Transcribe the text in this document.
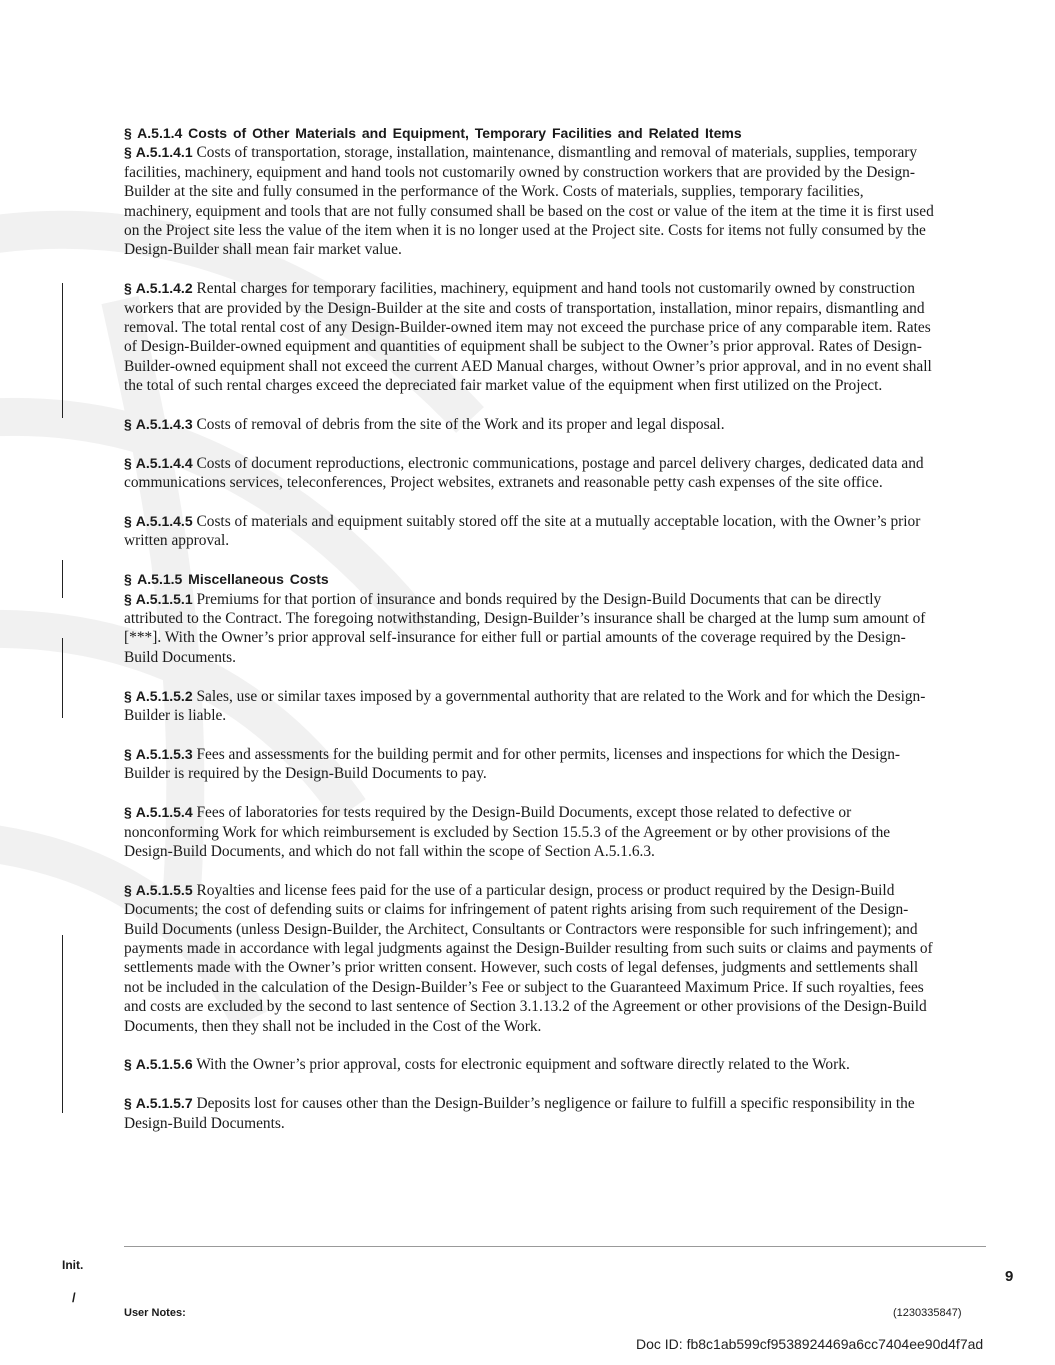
§ A.5.1.4 Costs of Other Materials and Equipment, Temporary Facilities and Related Items

§ A.5.1.4.1 Costs of transportation, storage, installation, maintenance, dismantling and removal of materials, supplies, temporary facilities, machinery, equipment and hand tools not customarily owned by construction workers that are provided by the Design-Builder at the site and fully consumed in the performance of the Work. Costs of materials, supplies, temporary facilities, machinery, equipment and tools that are not fully consumed shall be based on the cost or value of the item at the time it is first used on the Project site less the value of the item when it is no longer used at the Project site. Costs for items not fully consumed by the Design-Builder shall mean fair market value.

§ A.5.1.4.2 Rental charges for temporary facilities, machinery, equipment and hand tools not customarily owned by construction workers that are provided by the Design-Builder at the site and costs of transportation, installation, minor repairs, dismantling and removal. The total rental cost of any Design-Builder-owned item may not exceed the purchase price of any comparable item. Rates of Design-Builder-owned equipment and quantities of equipment shall be subject to the Owner’s prior approval. Rates of Design-Builder-owned equipment shall not exceed the current AED Manual charges, without Owner’s prior approval, and in no event shall the total of such rental charges exceed the depreciated fair market value of the equipment when first utilized on the Project.

§ A.5.1.4.3 Costs of removal of debris from the site of the Work and its proper and legal disposal.

§ A.5.1.4.4 Costs of document reproductions, electronic communications, postage and parcel delivery charges, dedicated data and communications services, teleconferences, Project websites, extranets and reasonable petty cash expenses of the site office.

§ A.5.1.4.5 Costs of materials and equipment suitably stored off the site at a mutually acceptable location, with the Owner’s prior written approval.

§ A.5.1.5 Miscellaneous Costs

§ A.5.1.5.1 Premiums for that portion of insurance and bonds required by the Design-Build Documents that can be directly attributed to the Contract. The foregoing notwithstanding, Design-Builder’s insurance shall be charged at the lump sum amount of [***]. With the Owner’s prior approval self-insurance for either full or partial amounts of the coverage required by the Design-Build Documents.

§ A.5.1.5.2 Sales, use or similar taxes imposed by a governmental authority that are related to the Work and for which the Design-Builder is liable.

§ A.5.1.5.3 Fees and assessments for the building permit and for other permits, licenses and inspections for which the Design-Builder is required by the Design-Build Documents to pay.

§ A.5.1.5.4 Fees of laboratories for tests required by the Design-Build Documents, except those related to defective or nonconforming Work for which reimbursement is excluded by Section 15.5.3 of the Agreement or by other provisions of the Design-Build Documents, and which do not fall within the scope of Section A.5.1.6.3.

§ A.5.1.5.5 Royalties and license fees paid for the use of a particular design, process or product required by the Design-Build Documents; the cost of defending suits or claims for infringement of patent rights arising from such requirement of the Design-Build Documents (unless Design-Builder, the Architect, Consultants or Contractors were responsible for such infringement); and payments made in accordance with legal judgments against the Design-Builder resulting from such suits or claims and payments of settlements made with the Owner’s prior written consent. However, such costs of legal defenses, judgments and settlements shall not be included in the calculation of the Design-Builder’s Fee or subject to the Guaranteed Maximum Price. If such royalties, fees and costs are excluded by the second to last sentence of Section 3.1.13.2 of the Agreement or other provisions of the Design-Build Documents, then they shall not be included in the Cost of the Work.

§ A.5.1.5.6 With the Owner’s prior approval, costs for electronic equipment and software directly related to the Work.

§ A.5.1.5.7 Deposits lost for causes other than the Design-Builder’s negligence or failure to fulfill a specific responsibility in the Design-Build Documents.

Init.
/
9
User Notes:	(1230335847)
Doc ID: fb8c1ab599cf9538924469a6cc7404ee90d4f7ad
